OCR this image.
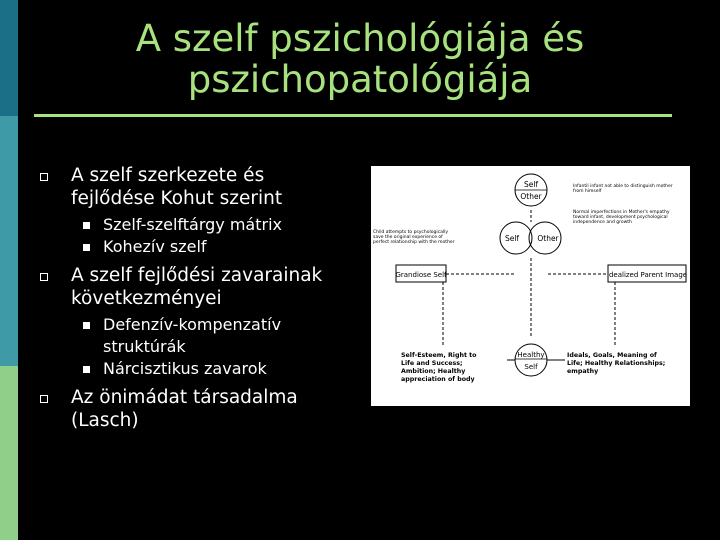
A szelf pszichológiája és
pszichopatológiája
A szelf szerkezete és
fejlődése Kohut szerint
Szelf-szelftárgy mátrix
Kohezív szelf
A szelf fejlődési zavarainak
következményei
Defenzív-kompenzatív
struktúrák
Nárcisztikus zavarok
Az önimádat társadalma
(Lasch)
Self
Other
Self Other
Infantil infant not able to distinguish mother
from himself
Normal imperfections in Mother's empathy
toward infant, development psychological
independence and growth
Child attempts to psychologically
save the original experience of
perfect relationship with the mother
Grandiose Self	Idealized Parent Image
Healthy
Self
Self-Esteem, Right to
Life and Success;
Ambition; Healthy
appreciation of body
Ideals, Goals, Meaning of
Life; Healthy Relationships;
empathy
